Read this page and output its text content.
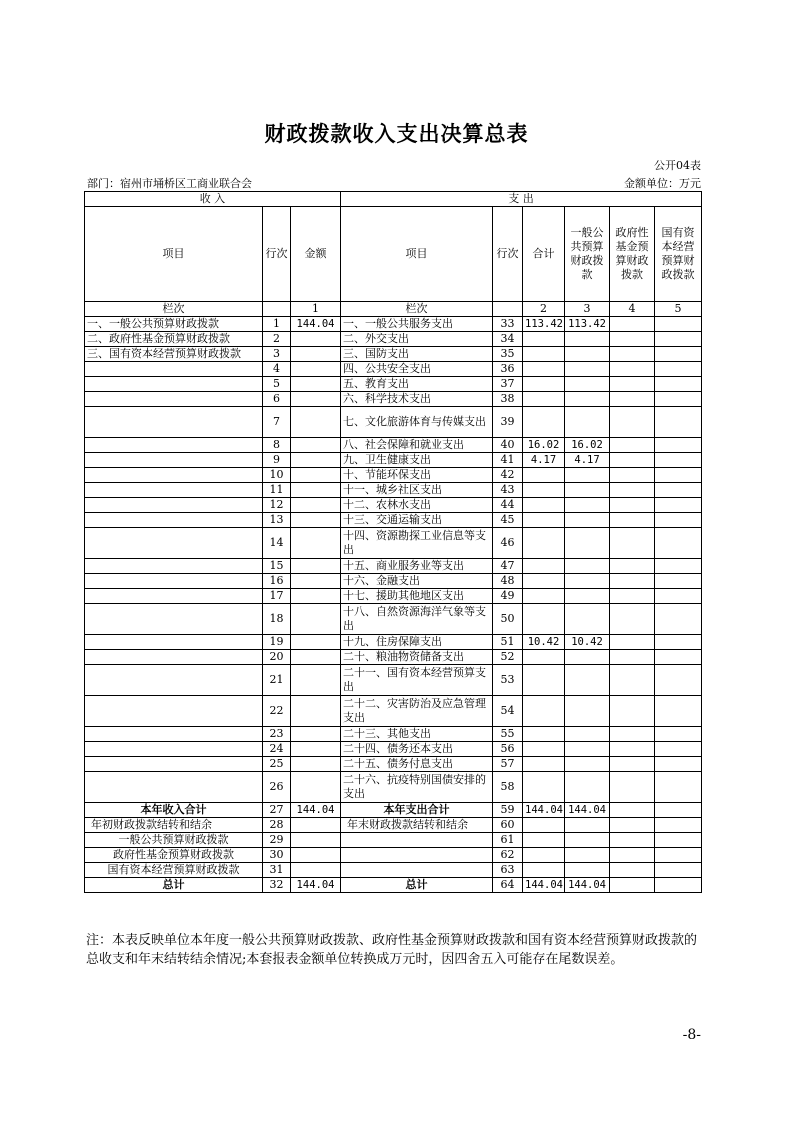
财政拨款收入支出决算总表
公开04表
部门：宿州市埇桥区工商业联合会	金额单位：万元
收 入			支 出					
项目	行次	金额	项目	行次	合计	一般公共预算财政拨款	政府性基金预算财政拨款	国有资本经营预算财政拨款
栏次		1	栏次		2	3	4	5
一、一般公共预算财政拨款	1	144.04	一、一般公共服务支出	33	113.42	113.42		
二、政府性基金预算财政拨款	2		二、外交支出	34				
三、国有资本经营预算财政拨款	3		三、国防支出	35				
	4		四、公共安全支出	36				
	5		五、教育支出	37				
	6		六、科学技术支出	38				
	7		七、文化旅游体育与传媒支出	39				
	8		八、社会保障和就业支出	40	16.02	16.02		
	9		九、卫生健康支出	41	4.17	4.17		
	10		十、节能环保支出	42				
	11		十一、城乡社区支出	43				
	12		十二、农林水支出	44				
	13		十三、交通运输支出	45				
	14		十四、资源勘探工业信息等支出	46				
	15		十五、商业服务业等支出	47				
	16		十六、金融支出	48				
	17		十七、援助其他地区支出	49				
	18		十八、自然资源海洋气象等支出	50				
	19		十九、住房保障支出	51	10.42	10.42		
	20		二十、粮油物资储备支出	52				
	21		二十一、国有资本经营预算支出	53				
	22		二十二、灾害防治及应急管理支出	54				
	23		二十三、其他支出	55				
	24		二十四、债务还本支出	56				
	25		二十五、债务付息支出	57				
	26		二十六、抗疫特别国债安排的支出	58				
本年收入合计	27	144.04	本年支出合计	59	144.04	144.04		
年初财政拨款结转和结余	28		年末财政拨款结转和结余	60				
一般公共预算财政拨款	29			61				
政府性基金预算财政拨款	30			62				
国有资本经营预算财政拨款	31			63				
总计	32	144.04	总计	64	144.04	144.04		
注：本表反映单位本年度一般公共预算财政拨款、政府性基金预算财政拨款和国有资本经营预算财政拨款的总收支和年末结转结余情况;本套报表金额单位转换成万元时，因四舍五入可能存在尾数误差。
-8-
